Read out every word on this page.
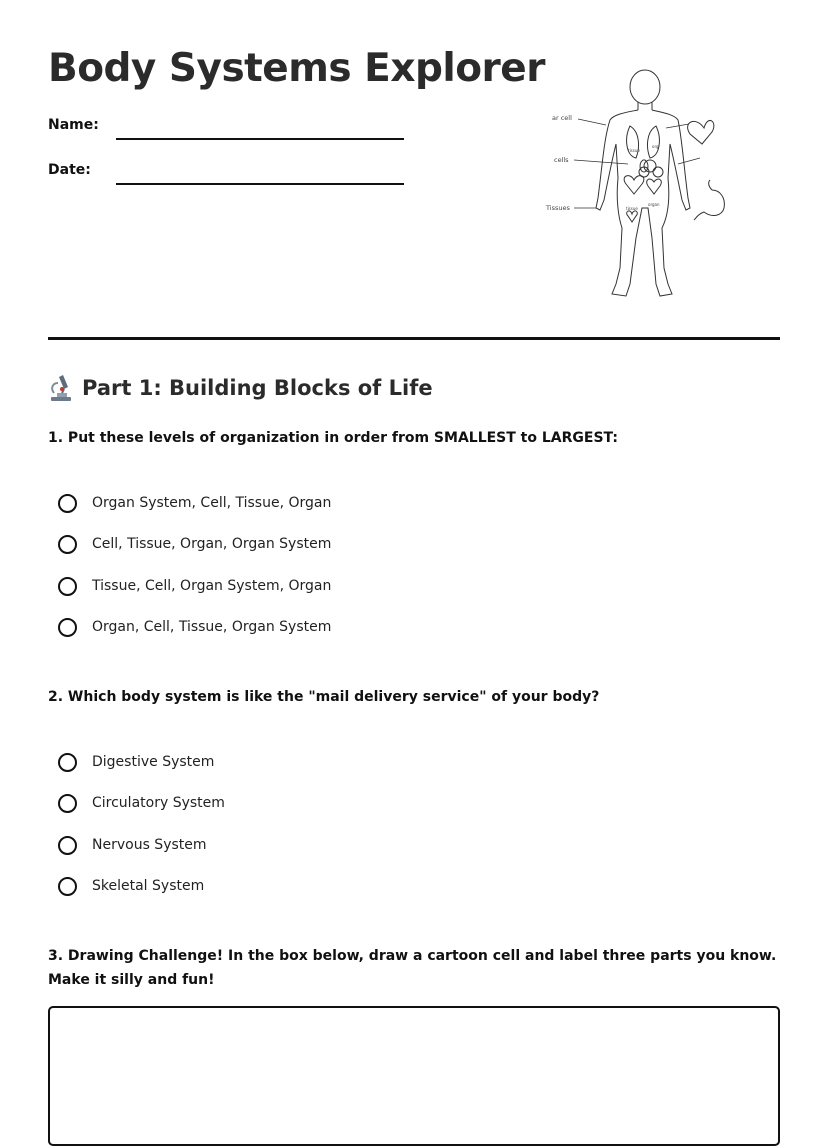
Body Systems Explorer
Name:
Date:
ar cell
cells
Tissues
tissue
org
tissue
organ
Part 1: Building Blocks of Life
1. Put these levels of organization in order from SMALLEST to LARGEST:
Organ System, Cell, Tissue, Organ
Cell, Tissue, Organ, Organ System
Tissue, Cell, Organ System, Organ
Organ, Cell, Tissue, Organ System
2. Which body system is like the "mail delivery service" of your body?
Digestive System
Circulatory System
Nervous System
Skeletal System
3. Drawing Challenge! In the box below, draw a cartoon cell and label three parts you know. Make it silly and fun!
